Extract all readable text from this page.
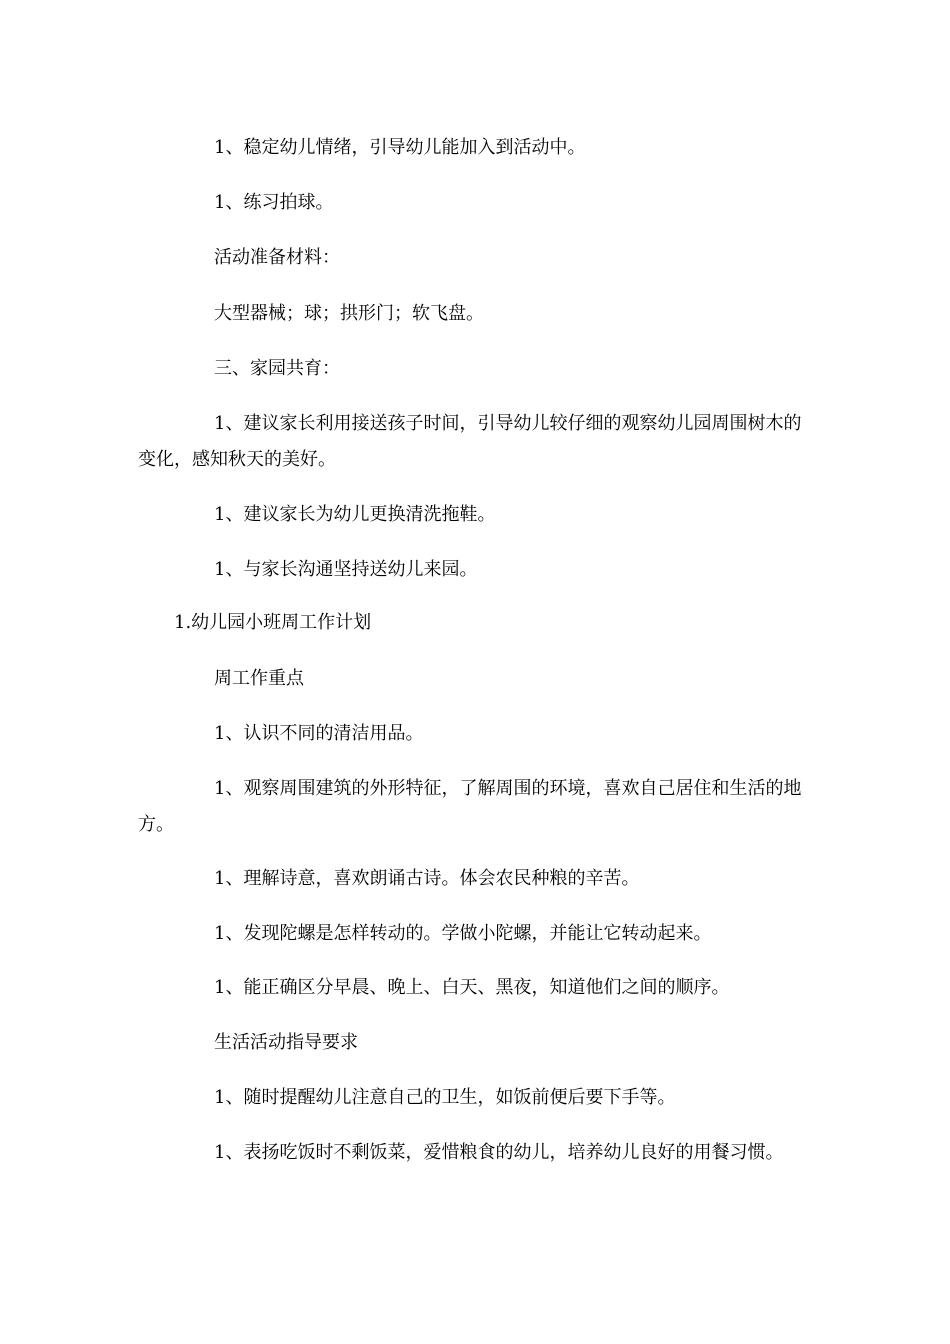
1、稳定幼儿情绪，引导幼儿能加入到活动中。

1、练习拍球。

活动准备材料：

大型器械；球；拱形门；软飞盘。

三、家园共育：

1、建议家长利用接送孩子时间，引导幼儿较仔细的观察幼儿园周围树木的变化，感知秋天的美好。

1、建议家长为幼儿更换清洗拖鞋。

1、与家长沟通坚持送幼儿来园。

1.幼儿园小班周工作计划

周工作重点

1、认识不同的清洁用品。

1、观察周围建筑的外形特征，了解周围的环境，喜欢自己居住和生活的地方。

1、理解诗意，喜欢朗诵古诗。体会农民种粮的辛苦。

1、发现陀螺是怎样转动的。学做小陀螺，并能让它转动起来。

1、能正确区分早晨、晚上、白天、黑夜，知道他们之间的顺序。

生活活动指导要求

1、随时提醒幼儿注意自己的卫生，如饭前便后要下手等。

1、表扬吃饭时不剩饭菜，爱惜粮食的幼儿，培养幼儿良好的用餐习惯。
